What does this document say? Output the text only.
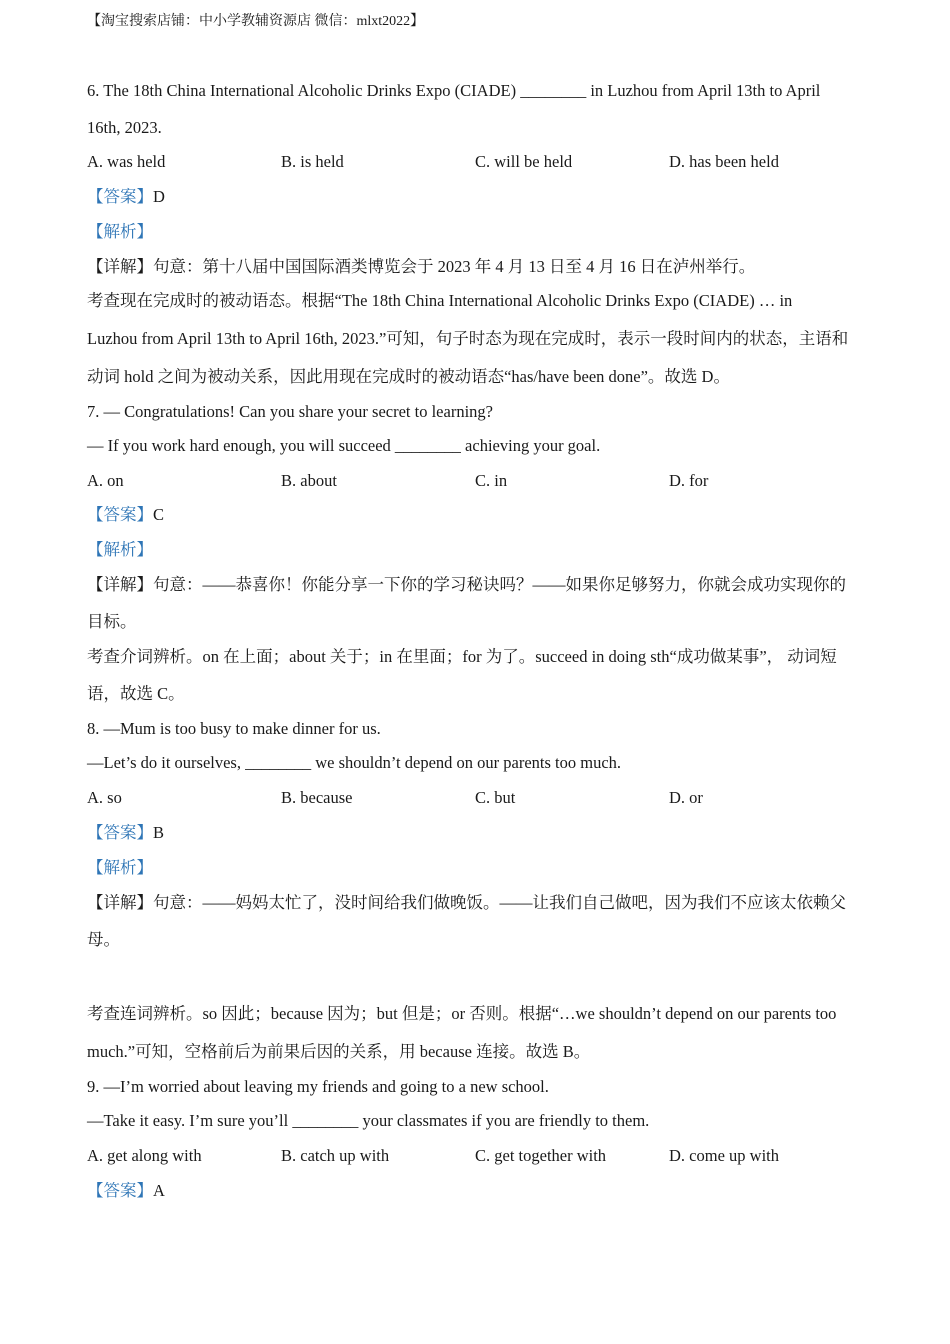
【淘宝搜索店铺：中小学教辅资源店 微信：mlxt2022】
6. The 18th China International Alcoholic Drinks Expo (CIADE) ________ in Luzhou from April 13th to April
16th, 2023.
A. was held	B. is held	C. will be held	D. has been held
【答案】D
【解析】
【详解】句意：第十八届中国国际酒类博览会于 2023 年 4 月 13 日至 4 月 16 日在泸州举行。
考查现在完成时的被动语态。根据“The 18th China International Alcoholic Drinks Expo (CIADE) … in
Luzhou from April 13th to April 16th, 2023.”可知，句子时态为现在完成时，表示一段时间内的状态，主语和
动词 hold 之间为被动关系，因此用现在完成时的被动语态“has/have been done”。故选 D。
7. — Congratulations! Can you share your secret to learning?
— If you work hard enough, you will succeed ________ achieving your goal.
A. on	B. about	C. in	D. for
【答案】C
【解析】
【详解】句意：——恭喜你！你能分享一下你的学习秘诀吗？——如果你足够努力，你就会成功实现你的
目标。
考查介词辨析。on 在上面；about 关于；in 在里面；for 为了。succeed in doing sth“成功做某事”， 动词短
语，故选 C。
8. —Mum is too busy to make dinner for us.
—Let’s do it ourselves, ________ we shouldn’t depend on our parents too much.
A. so	B. because	C. but	D. or
【答案】B
【解析】
【详解】句意：——妈妈太忙了，没时间给我们做晚饭。——让我们自己做吧，因为我们不应该太依赖父
母。
考查连词辨析。so 因此；because 因为；but 但是；or 否则。根据“…we shouldn’t depend on our parents too
much.”可知，空格前后为前果后因的关系，用 because 连接。故选 B。
9. —I’m worried about leaving my friends and going to a new school.
—Take it easy. I’m sure you’ll ________ your classmates if you are friendly to them.
A. get along with	B. catch up with	C. get together with	D. come up with
【答案】A
